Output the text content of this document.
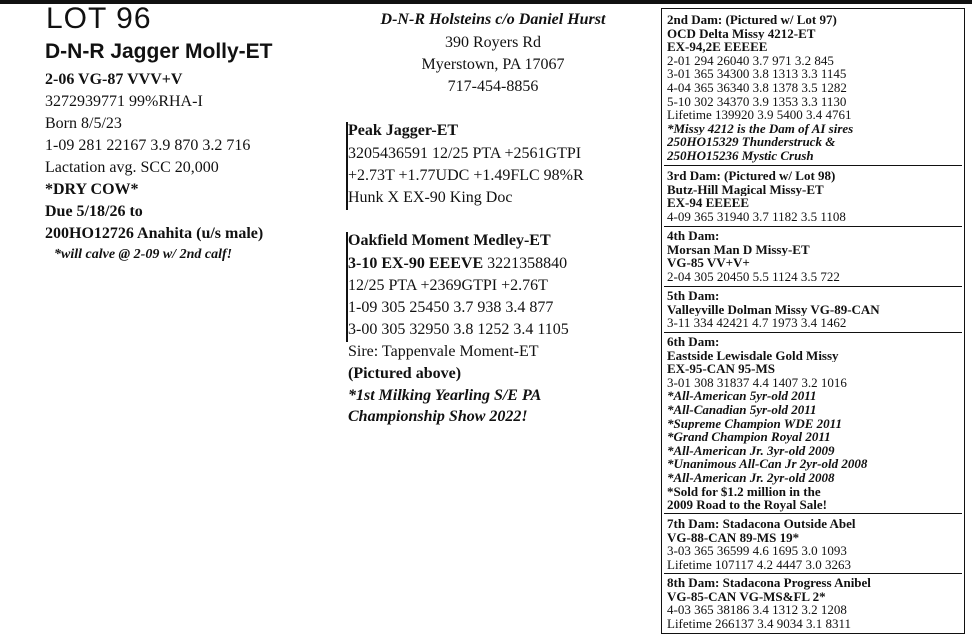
LOT 96
D-N-R Jagger Molly-ET
2-06 VG-87 VVV+V
3272939771 99%RHA-I
Born 8/5/23
1-09 281 22167 3.9 870 3.2 716
Lactation avg. SCC 20,000
*DRY COW*
Due 5/18/26 to
200HO12726 Anahita (u/s male)
*will calve @ 2-09 w/ 2nd calf!
D-N-R Holsteins c/o Daniel Hurst
390 Royers Rd
Myerstown, PA 17067
717-454-8856
Peak Jagger-ET
3205436591 12/25 PTA +2561GTPI
+2.73T +1.77UDC +1.49FLC 98%R
Hunk X EX-90 King Doc
Oakfield Moment Medley-ET
3-10 EX-90 EEEVE 3221358840
12/25 PTA +2369GTPI +2.76T
1-09 305 25450 3.7 938 3.4 877
3-00 305 32950 3.8 1252 3.4 1105
Sire: Tappenvale Moment-ET
(Pictured above)
*1st Milking Yearling S/E PA
Championship Show 2022!
2nd Dam: (Pictured w/ Lot 97)
OCD Delta Missy 4212-ET
EX-94,2E EEEEE
2-01 294 26040 3.7 971 3.2 845
3-01 365 34300 3.8 1313 3.3 1145
4-04 365 36340 3.8 1378 3.5 1282
5-10 302 34370 3.9 1353 3.3 1130
Lifetime 139920 3.9 5400 3.4 4761
*Missy 4212 is the Dam of AI sires
250HO15329 Thunderstruck &
250HO15236 Mystic Crush
3rd Dam: (Pictured w/ Lot 98)
Butz-Hill Magical Missy-ET
EX-94 EEEEE
4-09 365 31940 3.7 1182 3.5 1108
4th Dam:
Morsan Man D Missy-ET
VG-85 VV+V+
2-04 305 20450 5.5 1124 3.5 722
5th Dam:
Valleyville Dolman Missy VG-89-CAN
3-11 334 42421 4.7 1973 3.4 1462
6th Dam:
Eastside Lewisdale Gold Missy
EX-95-CAN 95-MS
3-01 308 31837 4.4 1407 3.2 1016
*All-American 5yr-old 2011
*All-Canadian 5yr-old 2011
*Supreme Champion WDE 2011
*Grand Champion Royal 2011
*All-American Jr. 3yr-old 2009
*Unanimous All-Can Jr 2yr-old 2008
*All-American Jr. 2yr-old 2008
*Sold for $1.2 million in the
2009 Road to the Royal Sale!
7th Dam: Stadacona Outside Abel
VG-88-CAN 89-MS 19*
3-03 365 36599 4.6 1695 3.0 1093
Lifetime 107117 4.2 4447 3.0 3263
8th Dam: Stadacona Progress Anibel
VG-85-CAN VG-MS&FL 2*
4-03 365 38186 3.4 1312 3.2 1208
Lifetime 266137 3.4 9034 3.1 8311
